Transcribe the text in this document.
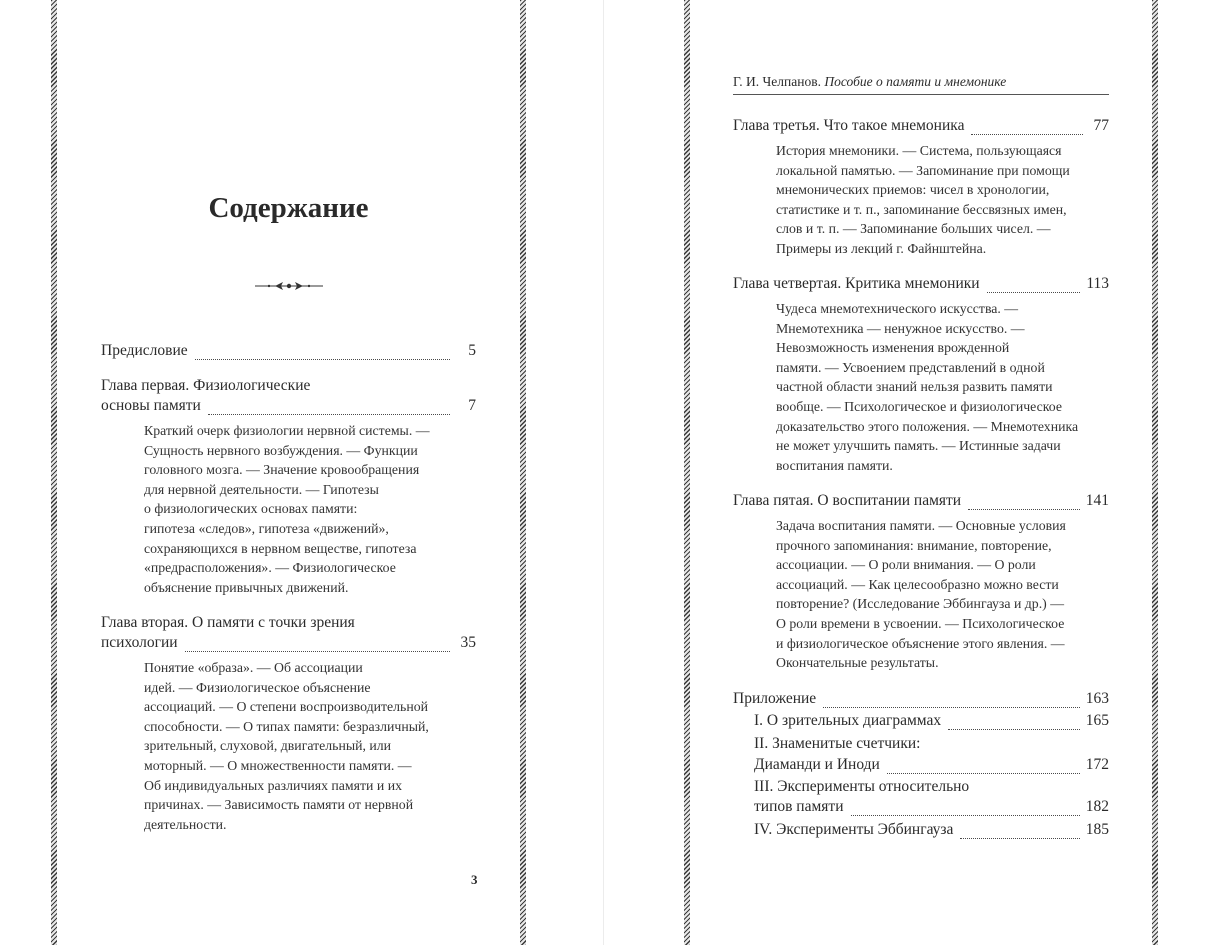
Содержание
Предисловие	5
Глава первая. Физиологические
основы памяти	7
Краткий очерк физиологии нервной системы. —
Сущность нервного возбуждения. — Функции
головного мозга. — Значение кровообращения
для нервной деятельности. — Гипотезы
о физиологических основах памяти:
гипотеза «следов», гипотеза «движений»,
сохраняющихся в нервном веществе, гипотеза
«предрасположения». — Физиологическое
объяснение привычных движений.
Глава вторая. О памяти с точки зрения
психологии	35
Понятие «образа». — Об ассоциации
идей. — Физиологическое объяснение
ассоциаций. — О степени воспроизводительной
способности. — О типах памяти: безразличный,
зрительный, слуховой, двигательный, или
моторный. — О множественности памяти. —
Об индивидуальных различиях памяти и их
причинах. — Зависимость памяти от нервной
деятельности.
3
Г. И. Челпанов. Пособие о памяти и мнемонике
Глава третья. Что такое мнемоника	77
История мнемоники. — Система, пользующаяся
локальной памятью. — Запоминание при помощи
мнемонических приемов: чисел в хронологии,
статистике и т. п., запоминание бессвязных имен,
слов и т. п. — Запоминание больших чисел. —
Примеры из лекций г. Файнштейна.
Глава четвертая. Критика мнемоники	113
Чудеса мнемотехнического искусства. —
Мнемотехника — ненужное искусство. —
Невозможность изменения врожденной
памяти. — Усвоением представлений в одной
частной области знаний нельзя развить памяти
вообще. — Психологическое и физиологическое
доказательство этого положения. — Мнемотехника
не может улучшить память. — Истинные задачи
воспитания памяти.
Глава пятая. О воспитании памяти	141
Задача воспитания памяти. — Основные условия
прочного запоминания: внимание, повторение,
ассоциации. — О роли внимания. — О роли
ассоциаций. — Как целесообразно можно вести
повторение? (Исследование Эббингауза и др.) —
О роли времени в усвоении. — Психологическое
и физиологическое объяснение этого явления. —
Окончательные результаты.
Приложение	163
I. О зрительных диаграммах	165
II. Знаменитые счетчики:
Диаманди и Иноди	172
III. Эксперименты относительно
типов памяти	182
IV. Эксперименты Эббингауза	185
